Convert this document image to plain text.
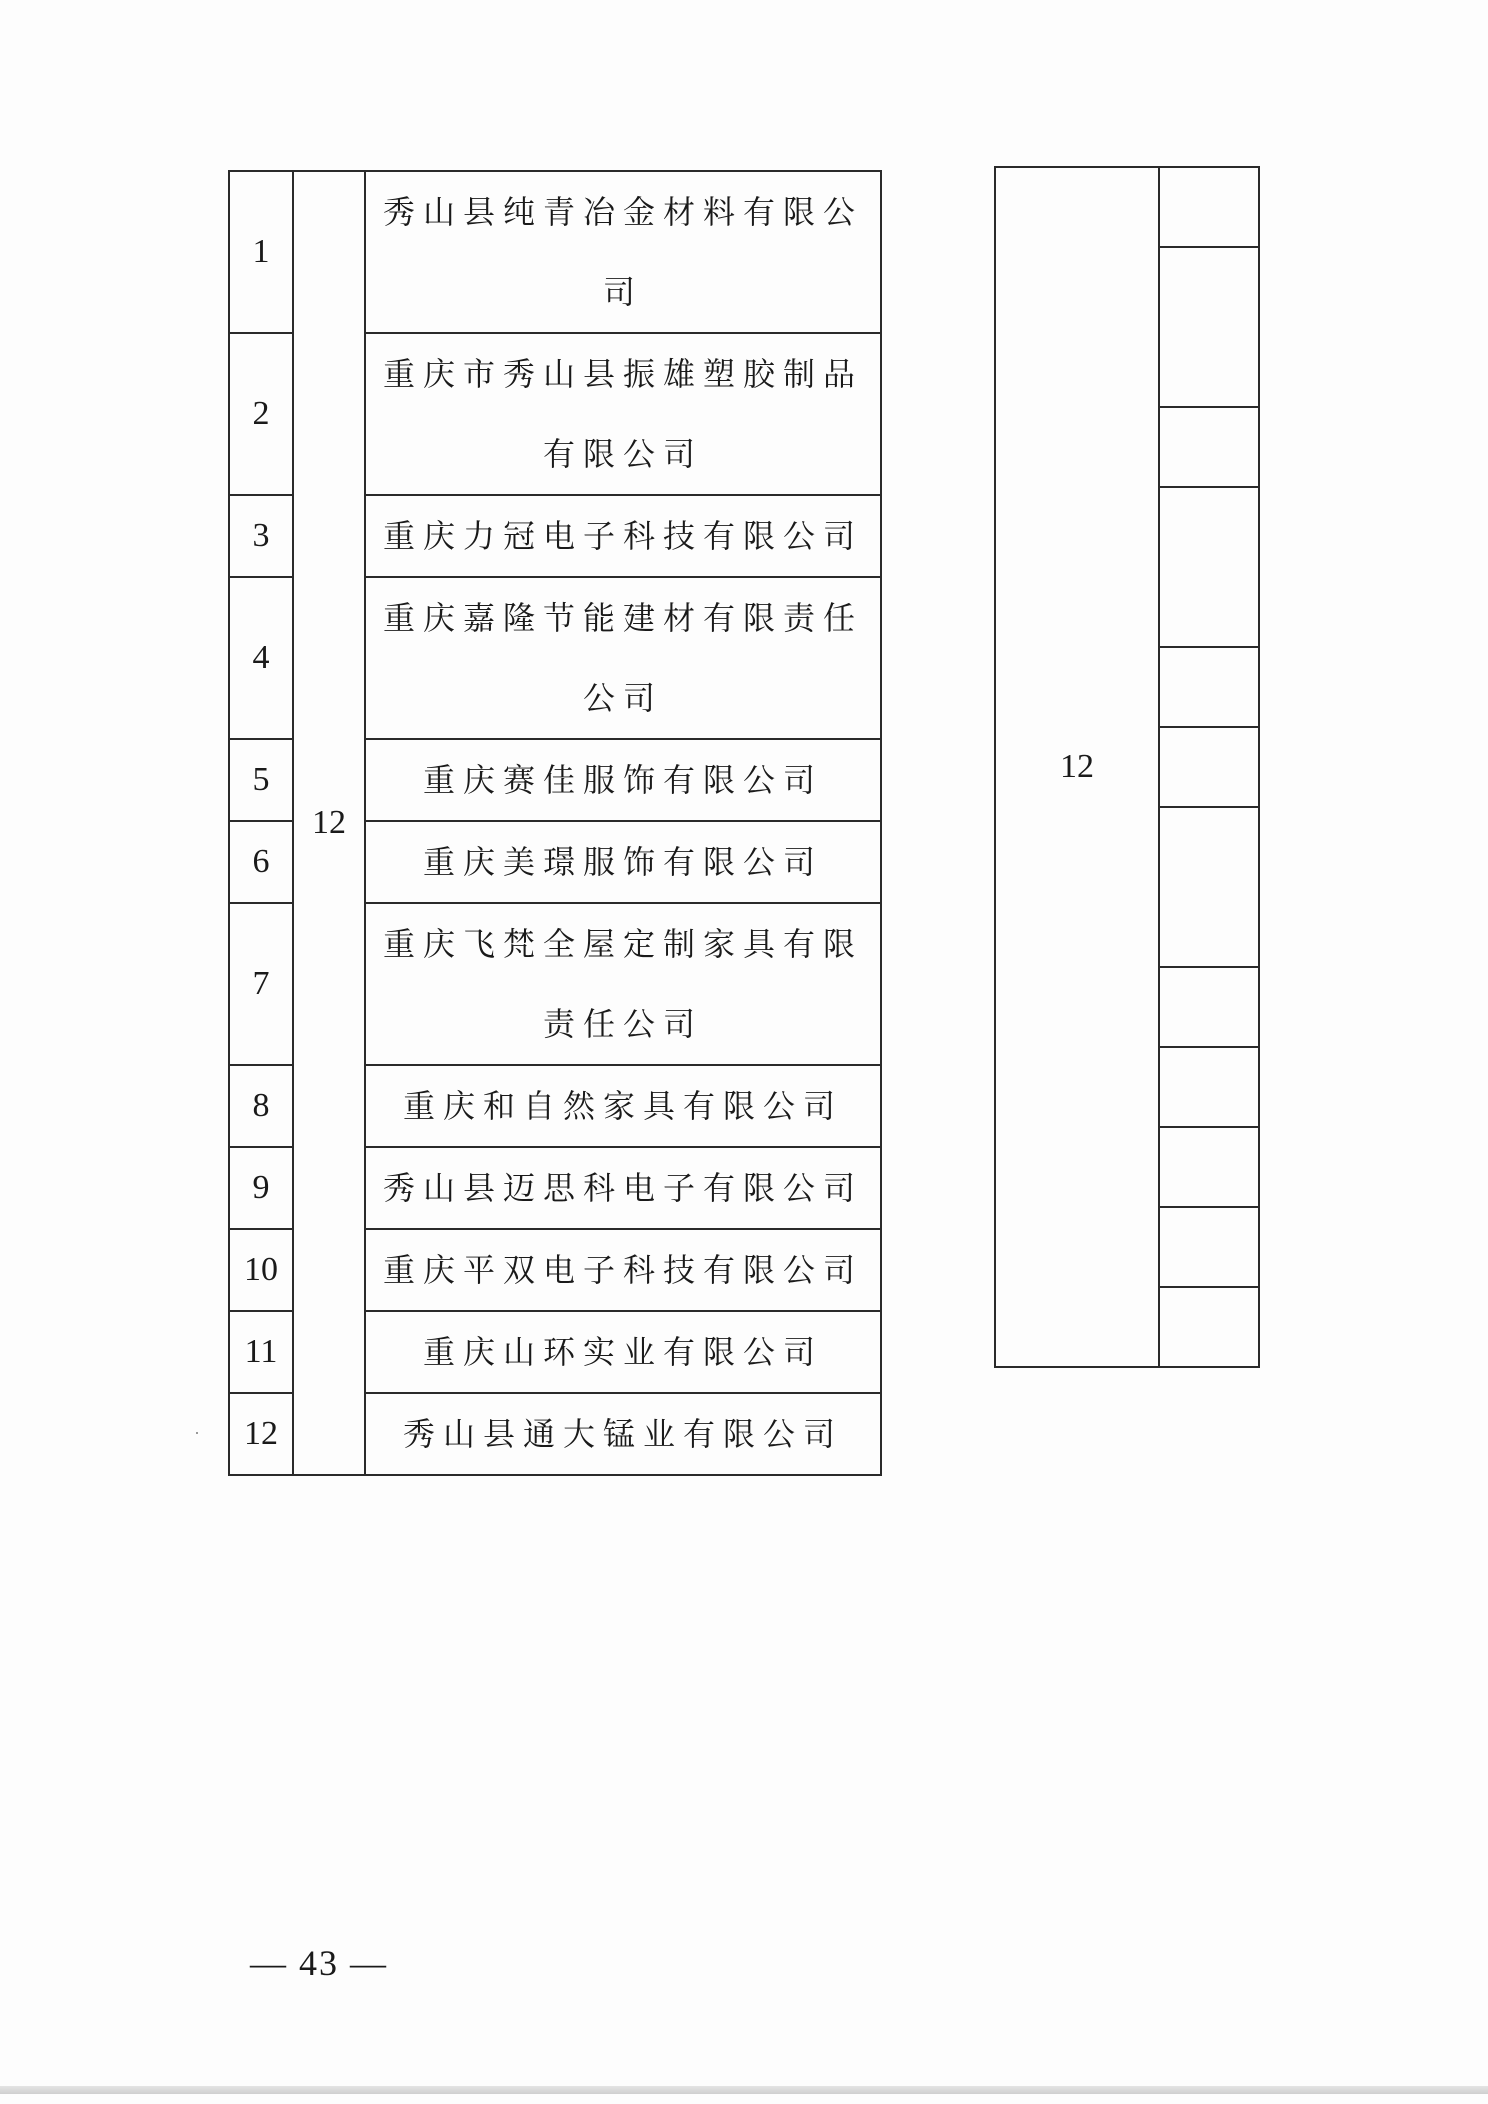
1	12	秀山县纯青冶金材料有限公司
2		重庆市秀山县振雄塑胶制品有限公司
3		重庆力冠电子科技有限公司
4		重庆嘉隆节能建材有限责任公司
5		重庆赛佳服饰有限公司
6		重庆美璟服饰有限公司
7		重庆飞梵全屋定制家具有限责任公司
8		重庆和自然家具有限公司
9		秀山县迈思科电子有限公司
10		重庆平双电子科技有限公司
11		重庆山环实业有限公司
12		秀山县通大锰业有限公司
12	

— 43 —
